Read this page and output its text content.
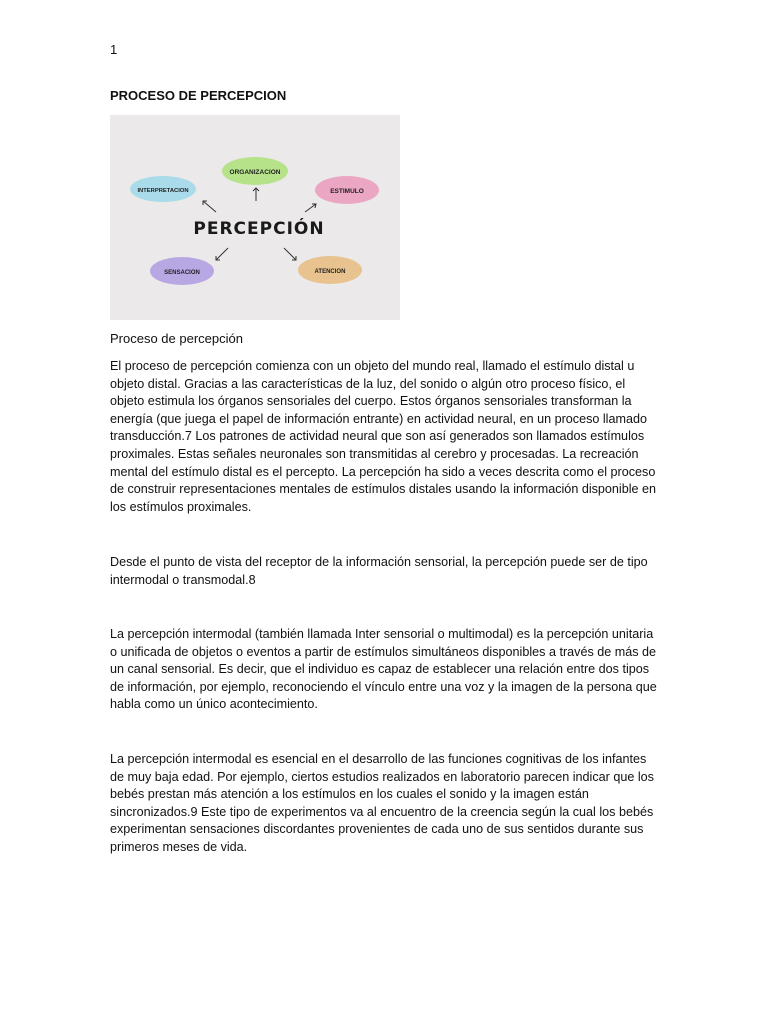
1
PROCESO DE PERCEPCION
ORGANIZACION
ESTIMULO
INTERPRETACION
SENSACION	ATENCION
PERCEPCIÓN

Proceso de percepción

El proceso de percepción comienza con un objeto del mundo real, llamado el estímulo distal u objeto distal. Gracias a las características de la luz, del sonido o algún otro proceso físico, el objeto estimula los órganos sensoriales del cuerpo. Estos órganos sensoriales transforman la energía (que juega el papel de información entrante) en actividad neural, en un proceso llamado transducción.7 Los patrones de actividad neural que son así generados son llamados estímulos proximales. Estas señales neuronales son transmitidas al cerebro y procesadas. La recreación mental del estímulo distal es el percepto. La percepción ha sido a veces descrita como el proceso de construir representaciones mentales de estímulos distales usando la información disponible en los estímulos proximales.

Desde el punto de vista del receptor de la información sensorial, la percepción puede ser de tipo intermodal o transmodal.8

La percepción intermodal (también llamada Inter sensorial o multimodal) es la percepción unitaria o unificada de objetos o eventos a partir de estímulos simultáneos disponibles a través de más de un canal sensorial. Es decir, que el individuo es capaz de establecer una relación entre dos tipos de información, por ejemplo, reconociendo el vínculo entre una voz y la imagen de la persona que habla como un único acontecimiento.

La percepción intermodal es esencial en el desarrollo de las funciones cognitivas de los infantes de muy baja edad. Por ejemplo, ciertos estudios realizados en laboratorio parecen indicar que los bebés prestan más atención a los estímulos en los cuales el sonido y la imagen están sincronizados.9 Este tipo de experimentos va al encuentro de la creencia según la cual los bebés experimentan sensaciones discordantes provenientes de cada uno de sus sentidos durante sus primeros meses de vida.
